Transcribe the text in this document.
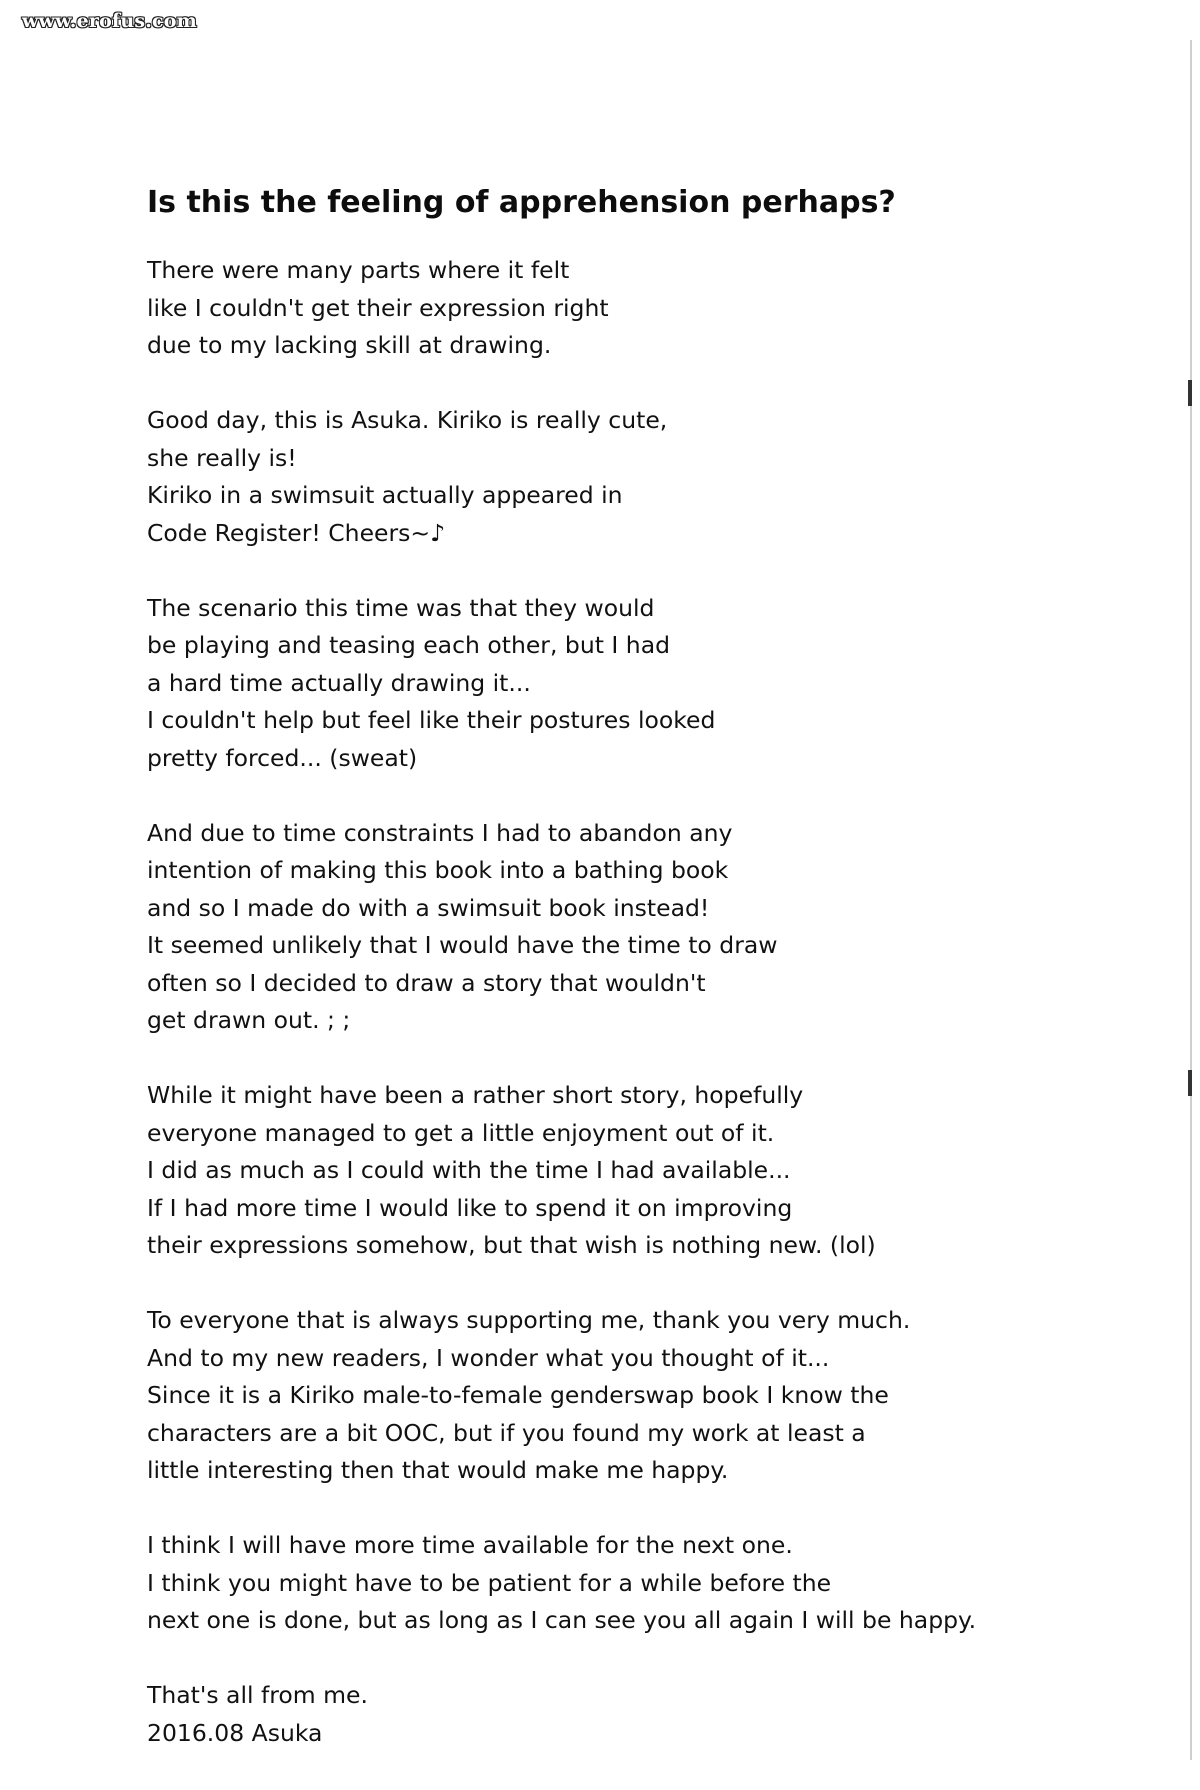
www.erofus.com
Is this the feeling of apprehension perhaps?
There were many parts where it felt
like I couldn't get their expression right
due to my lacking skill at drawing.
Good day, this is Asuka. Kiriko is really cute,
she really is!
Kiriko in a swimsuit actually appeared in
Code Register! Cheers~♪
The scenario this time was that they would
be playing and teasing each other, but I had
a hard time actually drawing it...
I couldn't help but feel like their postures looked
pretty forced... (sweat)
And due to time constraints I had to abandon any
intention of making this book into a bathing book
and so I made do with a swimsuit book instead!
It seemed unlikely that I would have the time to draw
often so I decided to draw a story that wouldn't
get drawn out. ; ;
While it might have been a rather short story, hopefully
everyone managed to get a little enjoyment out of it.
I did as much as I could with the time I had available...
If I had more time I would like to spend it on improving
their expressions somehow, but that wish is nothing new. (lol)
To everyone that is always supporting me, thank you very much.
And to my new readers, I wonder what you thought of it...
Since it is a Kiriko male-to-female genderswap book I know the
characters are a bit OOC, but if you found my work at least a
little interesting then that would make me happy.
I think I will have more time available for the next one.
I think you might have to be patient for a while before the
next one is done, but as long as I can see you all again I will be happy.
That's all from me.
2016.08 Asuka
